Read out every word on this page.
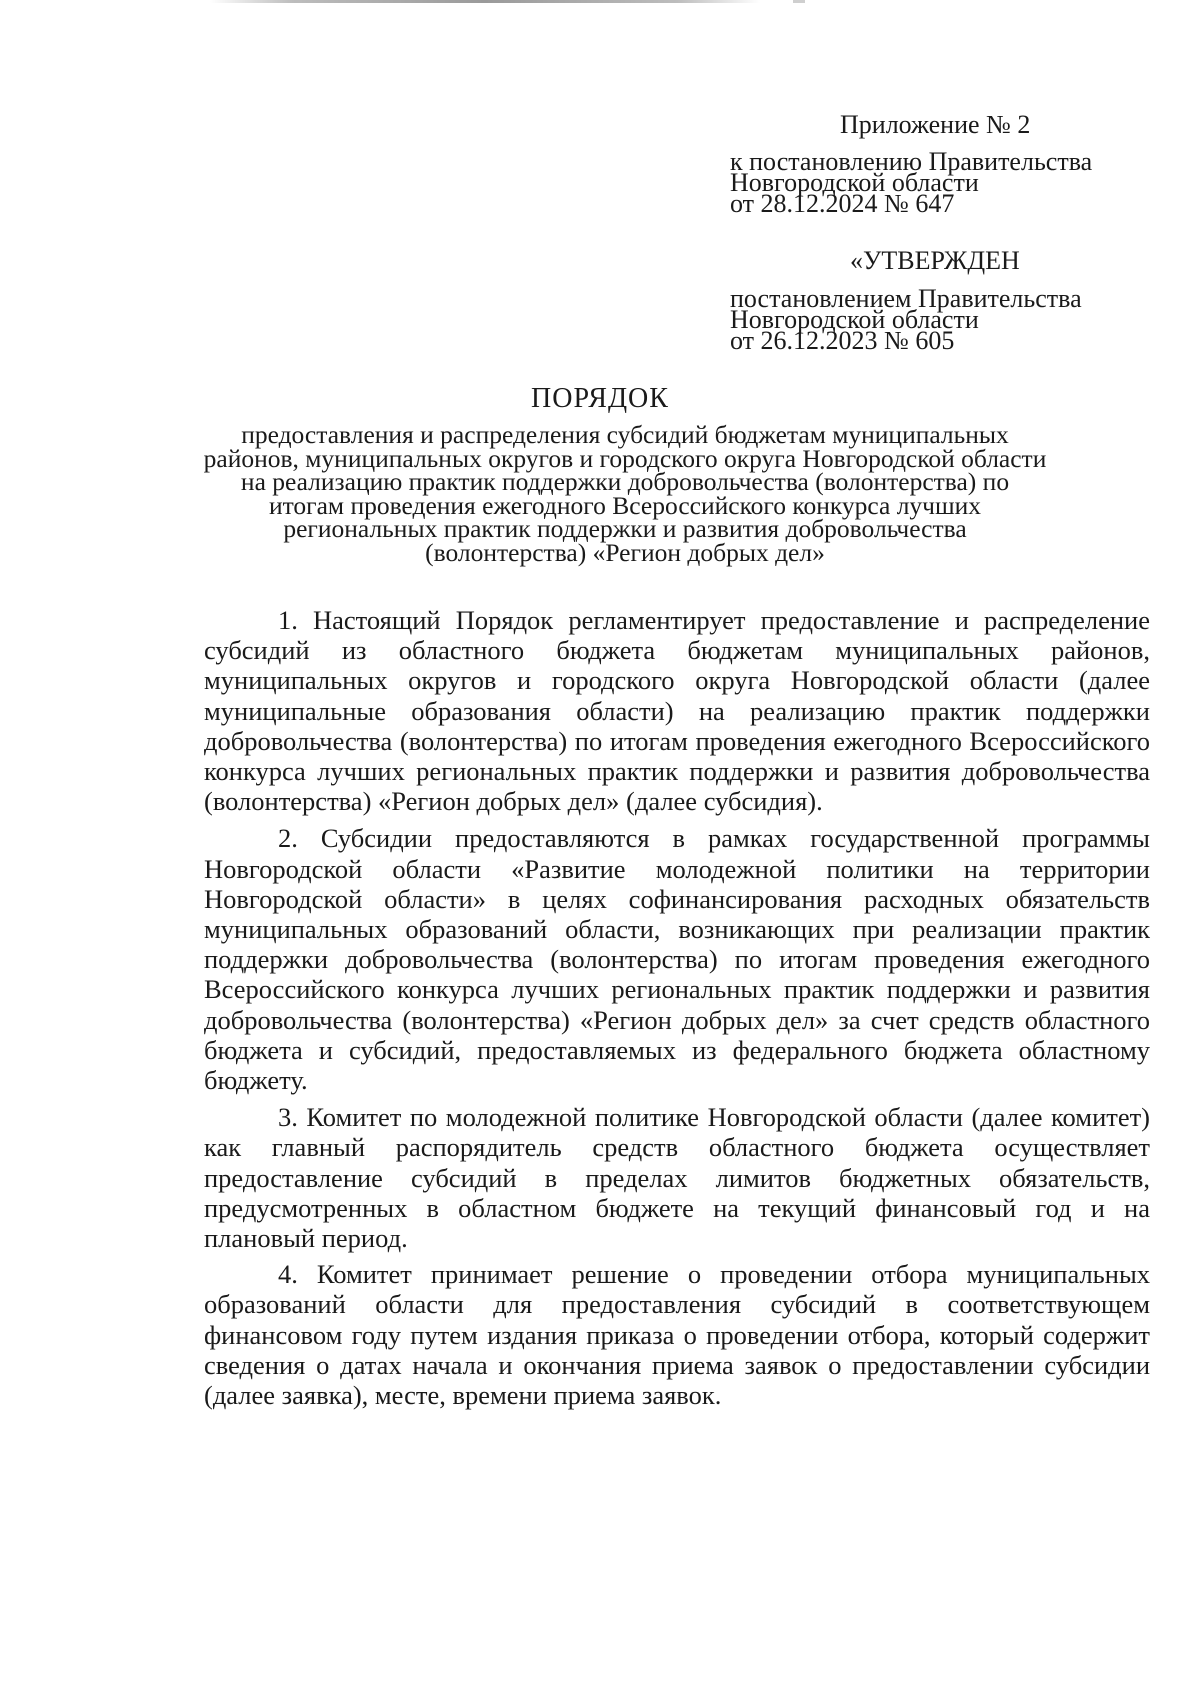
Приложение № 2
к постановлению Правительства
Новгородской области
от 28.12.2024 № 647
«УТВЕРЖДЕН
постановлением Правительства
Новгородской области
от 26.12.2023 № 605
ПОРЯДОК
предоставления и распределения субсидий бюджетам муниципальных
районов, муниципальных округов и городского округа Новгородской области
на реализацию практик поддержки добровольчества (волонтерства) по
итогам проведения ежегодного Всероссийского конкурса лучших
региональных практик поддержки и развития добровольчества
(волонтерства) «Регион добрых дел»

1. Настоящий Порядок регламентирует предоставление и распределение субсидий из областного бюджета бюджетам муниципальных районов, муниципальных округов и городского округа Новгородской области (далее муниципальные образования области) на реализацию практик поддержки добровольчества (волонтерства) по итогам проведения ежегодного Всероссийского конкурса лучших региональных практик поддержки и развития добровольчества (волонтерства) «Регион добрых дел» (далее субсидия).

2. Субсидии предоставляются в рамках государственной программы Новгородской области «Развитие молодежной политики на территории Новгородской области» в целях софинансирования расходных обязательств муниципальных образований области, возникающих при реализации практик поддержки добровольчества (волонтерства) по итогам проведения ежегодного Всероссийского конкурса лучших региональных практик поддержки и развития добровольчества (волонтерства) «Регион добрых дел» за счет средств областного бюджета и субсидий, предоставляемых из федерального бюджета областному бюджету.

3. Комитет по молодежной политике Новгородской области (далее комитет) как главный распорядитель средств областного бюджета осуществляет предоставление субсидий в пределах лимитов бюджетных обязательств, предусмотренных в областном бюджете на текущий финансовый год и на плановый период.

4. Комитет принимает решение о проведении отбора муниципальных образований области для предоставления субсидий в соответствующем финансовом году путем издания приказа о проведении отбора, который содержит сведения о датах начала и окончания приема заявок о предоставлении субсидии (далее заявка), месте, времени приема заявок.
